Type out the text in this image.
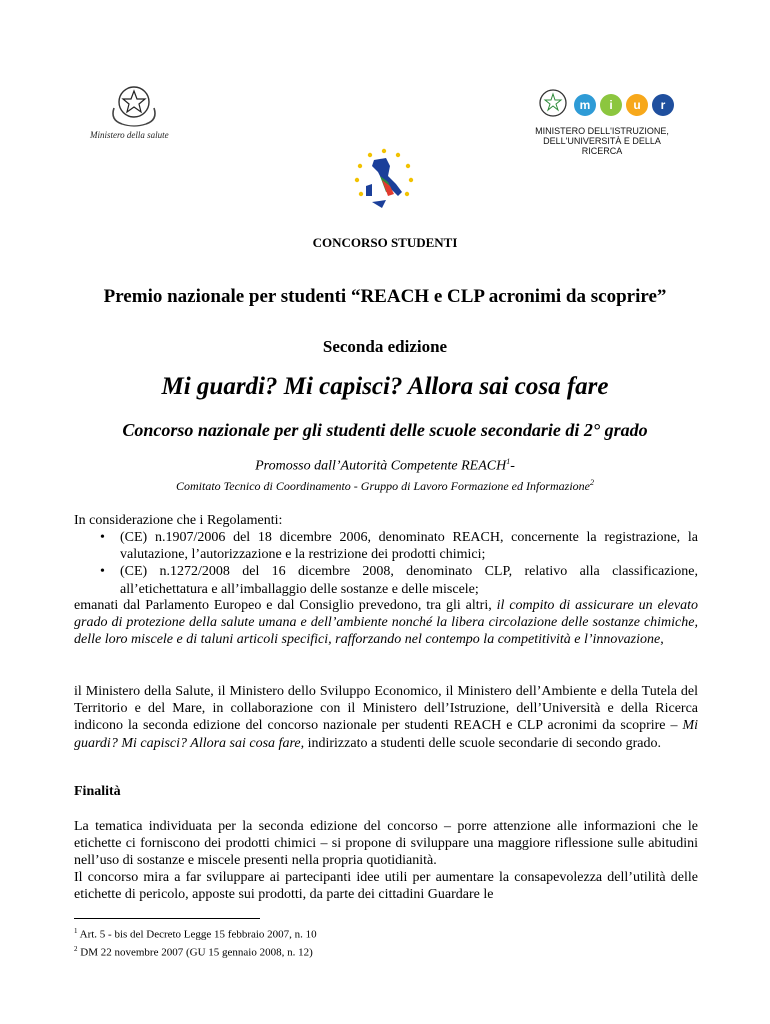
Ministero della salute
m i u r
MINISTERO DELL'ISTRUZIONE,
DELL'UNIVERSITÀ E DELLA RICERCA
CONCORSO STUDENTI
Premio nazionale per studenti “REACH e CLP acronimi da scoprire”
Seconda edizione
Mi guardi? Mi capisci? Allora sai cosa fare
Concorso nazionale per gli studenti delle scuole secondarie di 2° grado
Promosso dall’Autorità Competente REACH$^1$-
Comitato Tecnico di Coordinamento - Gruppo di Lavoro Formazione ed Informazione$^2$
In considerazione che i Regolamenti:
• (CE) n.1907/2006 del 18 dicembre 2006, denominato REACH, concernente la registrazione, la valutazione, l’autorizzazione e la restrizione dei prodotti chimici;
• (CE) n.1272/2008 del 16 dicembre 2008, denominato CLP, relativo alla classificazione, all’etichettatura e all’imballaggio delle sostanze e delle miscele;
emanati dal Parlamento Europeo e dal Consiglio prevedono, tra gli altri, il compito di assicurare un elevato grado di protezione della salute umana e dell’ambiente nonché la libera circolazione delle sostanze chimiche, delle loro miscele e di taluni articoli specifici, rafforzando nel contempo la competitività e l’innovazione,
il Ministero della Salute, il Ministero dello Sviluppo Economico, il Ministero dell’Ambiente e della Tutela del Territorio e del Mare, in collaborazione con il Ministero dell’Istruzione, dell’Università e della Ricerca indicono la seconda edizione del concorso nazionale per studenti REACH e CLP acronimi da scoprire – Mi guardi? Mi capisci? Allora sai cosa fare, indirizzato a studenti delle scuole secondarie di secondo grado.
Finalità
La tematica individuata per la seconda edizione del concorso – porre attenzione alle informazioni che le etichette ci forniscono dei prodotti chimici – si propone di sviluppare una maggiore riflessione sulle abitudini nell’uso di sostanze e miscele presenti nella propria quotidianità.
Il concorso mira a far sviluppare ai partecipanti idee utili per aumentare la consapevolezza dell’utilità delle etichette di pericolo, apposte sui prodotti, da parte dei cittadini Guardare le
$^1$ Art. 5 - bis del Decreto Legge 15 febbraio 2007, n. 10
$^2$ DM 22 novembre 2007 (GU 15 gennaio 2008, n. 12)
